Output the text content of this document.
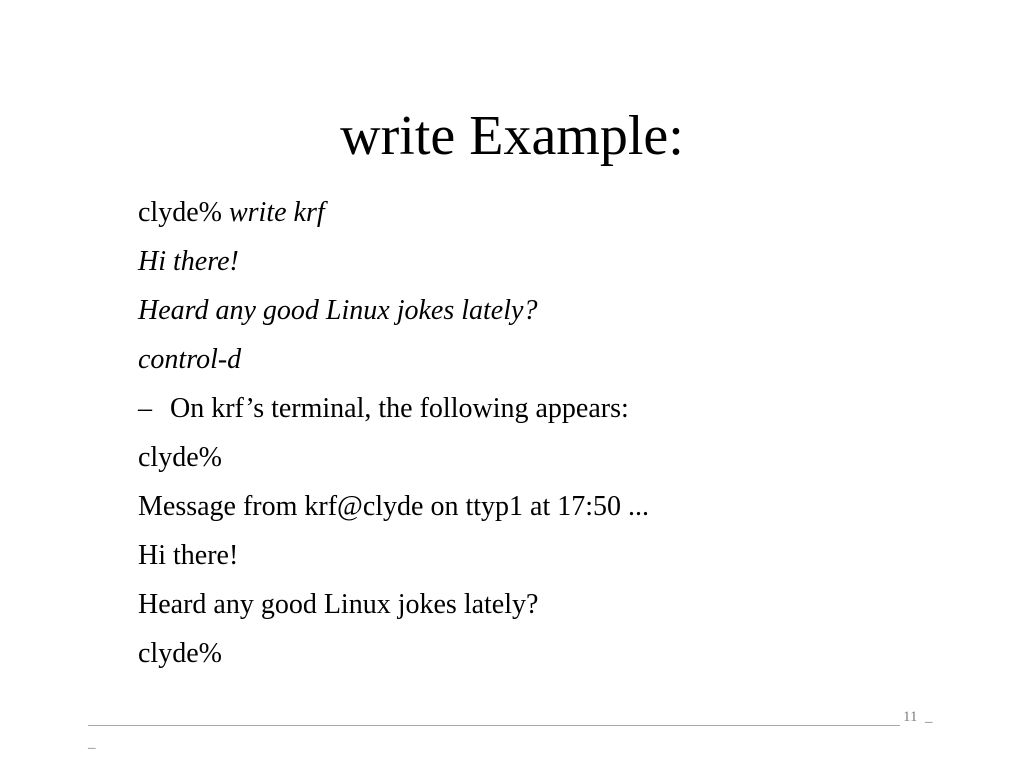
write Example:
clyde% write krf
Hi there!
Heard any good Linux jokes lately?
control-d
– On krf’s terminal, the following appears:
clyde%
Message from krf@clyde on ttyp1 at 17:50 ...
Hi there!
Heard any good Linux jokes lately?
clyde%
11 _
_
